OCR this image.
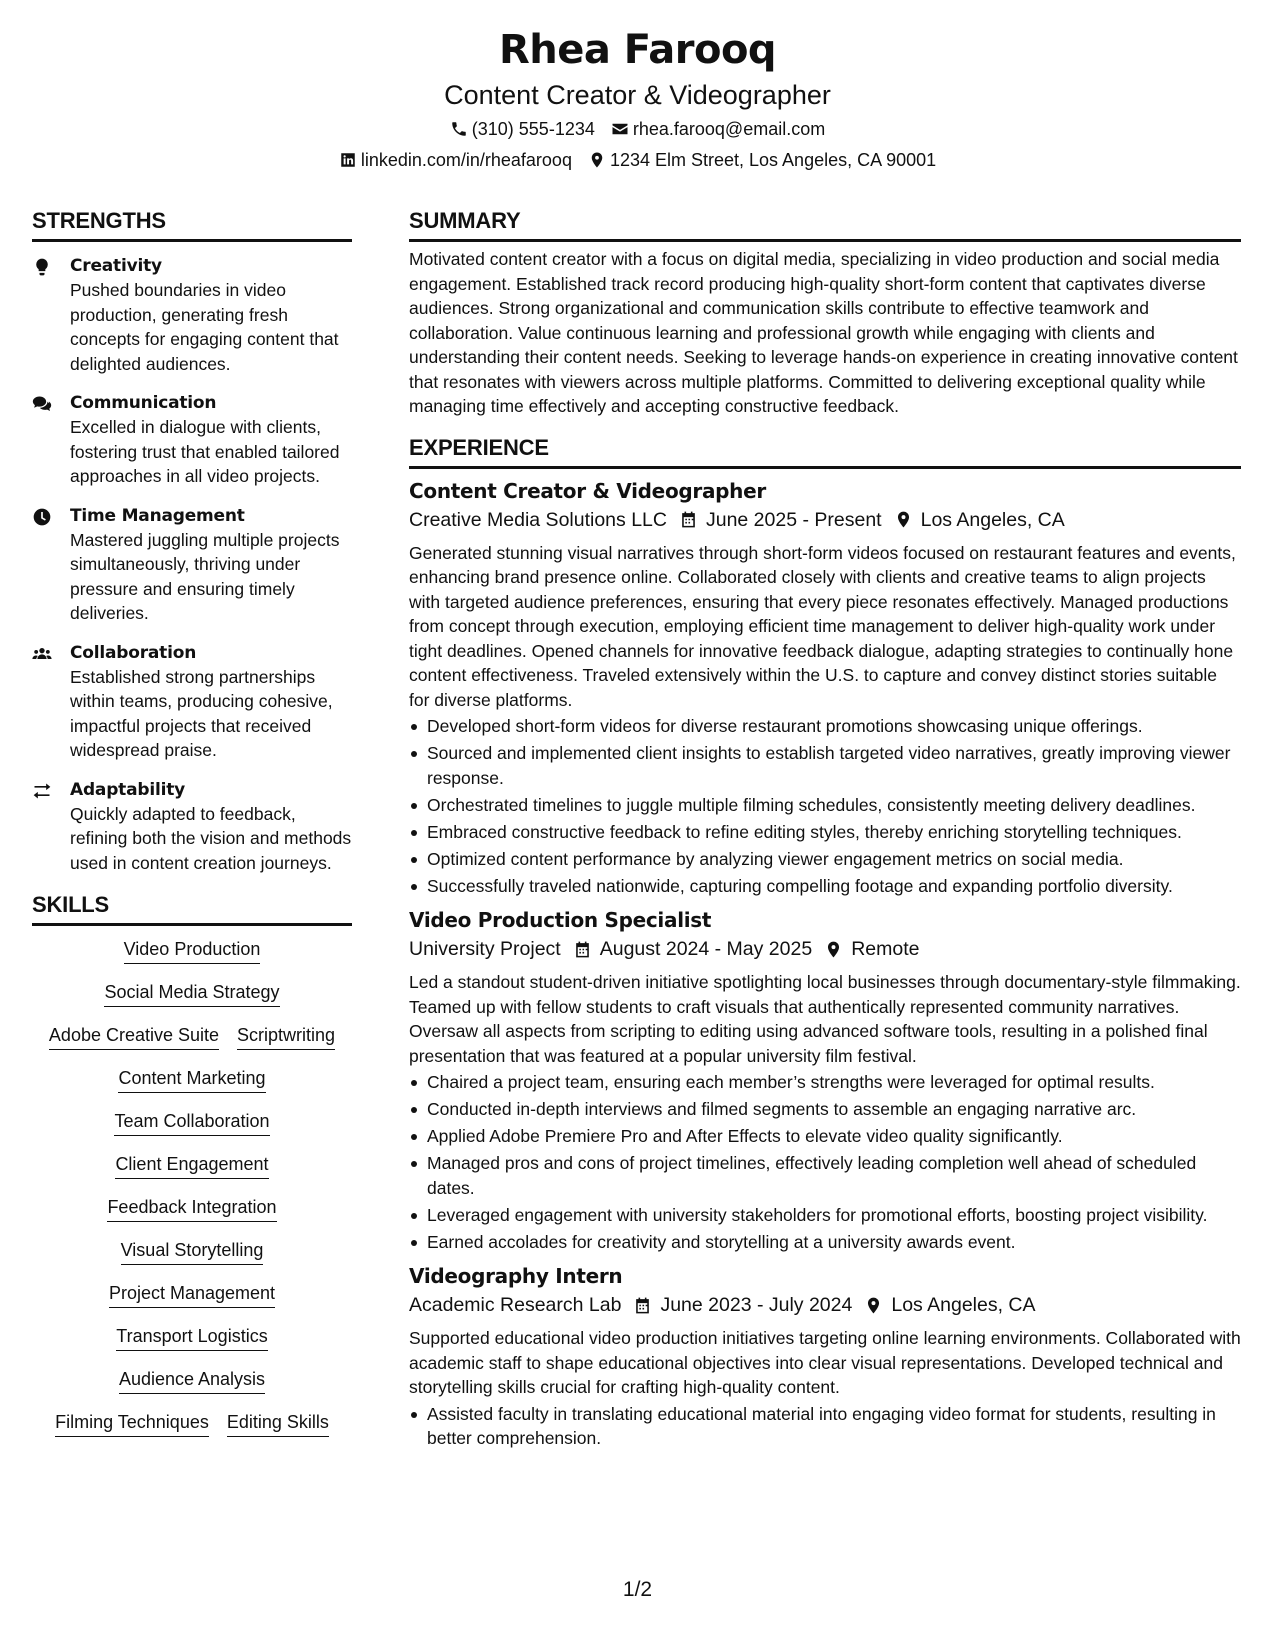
Rhea Farooq
Content Creator & Videographer
(310) 555-1234 rhea.farooq@email.com
linkedin.com/in/rheafarooq 1234 Elm Street, Los Angeles, CA 90001
STRENGTHS
Creativity
Pushed boundaries in video production, generating fresh concepts for engaging content that delighted audiences.
Communication
Excelled in dialogue with clients, fostering trust that enabled tailored approaches in all video projects.
Time Management
Mastered juggling multiple projects simultaneously, thriving under pressure and ensuring timely deliveries.
Collaboration
Established strong partnerships within teams, producing cohesive, impactful projects that received widespread praise.
Adaptability
Quickly adapted to feedback, refining both the vision and methods used in content creation journeys.
SKILLS
Video Production
Social Media Strategy
Adobe Creative Suite Scriptwriting
Content Marketing
Team Collaboration
Client Engagement
Feedback Integration
Visual Storytelling
Project Management
Transport Logistics
Audience Analysis
Filming Techniques Editing Skills
SUMMARY
Motivated content creator with a focus on digital media, specializing in video production and social media engagement. Established track record producing high-quality short-form content that captivates diverse audiences. Strong organizational and communication skills contribute to effective teamwork and collaboration. Value continuous learning and professional growth while engaging with clients and understanding their content needs. Seeking to leverage hands-on experience in creating innovative content that resonates with viewers across multiple platforms. Committed to delivering exceptional quality while managing time effectively and accepting constructive feedback.
EXPERIENCE
Content Creator & Videographer
Creative Media Solutions LLC June 2025 - Present Los Angeles, CA
Generated stunning visual narratives through short-form videos focused on restaurant features and events, enhancing brand presence online. Collaborated closely with clients and creative teams to align projects with targeted audience preferences, ensuring that every piece resonates effectively. Managed productions from concept through execution, employing efficient time management to deliver high-quality work under tight deadlines. Opened channels for innovative feedback dialogue, adapting strategies to continually hone content effectiveness. Traveled extensively within the U.S. to capture and convey distinct stories suitable for diverse platforms.
Developed short-form videos for diverse restaurant promotions showcasing unique offerings.
Sourced and implemented client insights to establish targeted video narratives, greatly improving viewer response.
Orchestrated timelines to juggle multiple filming schedules, consistently meeting delivery deadlines.
Embraced constructive feedback to refine editing styles, thereby enriching storytelling techniques.
Optimized content performance by analyzing viewer engagement metrics on social media.
Successfully traveled nationwide, capturing compelling footage and expanding portfolio diversity.
Video Production Specialist
University Project August 2024 - May 2025 Remote
Led a standout student-driven initiative spotlighting local businesses through documentary-style filmmaking. Teamed up with fellow students to craft visuals that authentically represented community narratives. Oversaw all aspects from scripting to editing using advanced software tools, resulting in a polished final presentation that was featured at a popular university film festival.
Chaired a project team, ensuring each member’s strengths were leveraged for optimal results.
Conducted in-depth interviews and filmed segments to assemble an engaging narrative arc.
Applied Adobe Premiere Pro and After Effects to elevate video quality significantly.
Managed pros and cons of project timelines, effectively leading completion well ahead of scheduled dates.
Leveraged engagement with university stakeholders for promotional efforts, boosting project visibility.
Earned accolades for creativity and storytelling at a university awards event.
Videography Intern
Academic Research Lab June 2023 - July 2024 Los Angeles, CA
Supported educational video production initiatives targeting online learning environments. Collaborated with academic staff to shape educational objectives into clear visual representations. Developed technical and storytelling skills crucial for crafting high-quality content.
Assisted faculty in translating educational material into engaging video format for students, resulting in better comprehension.
1/2
